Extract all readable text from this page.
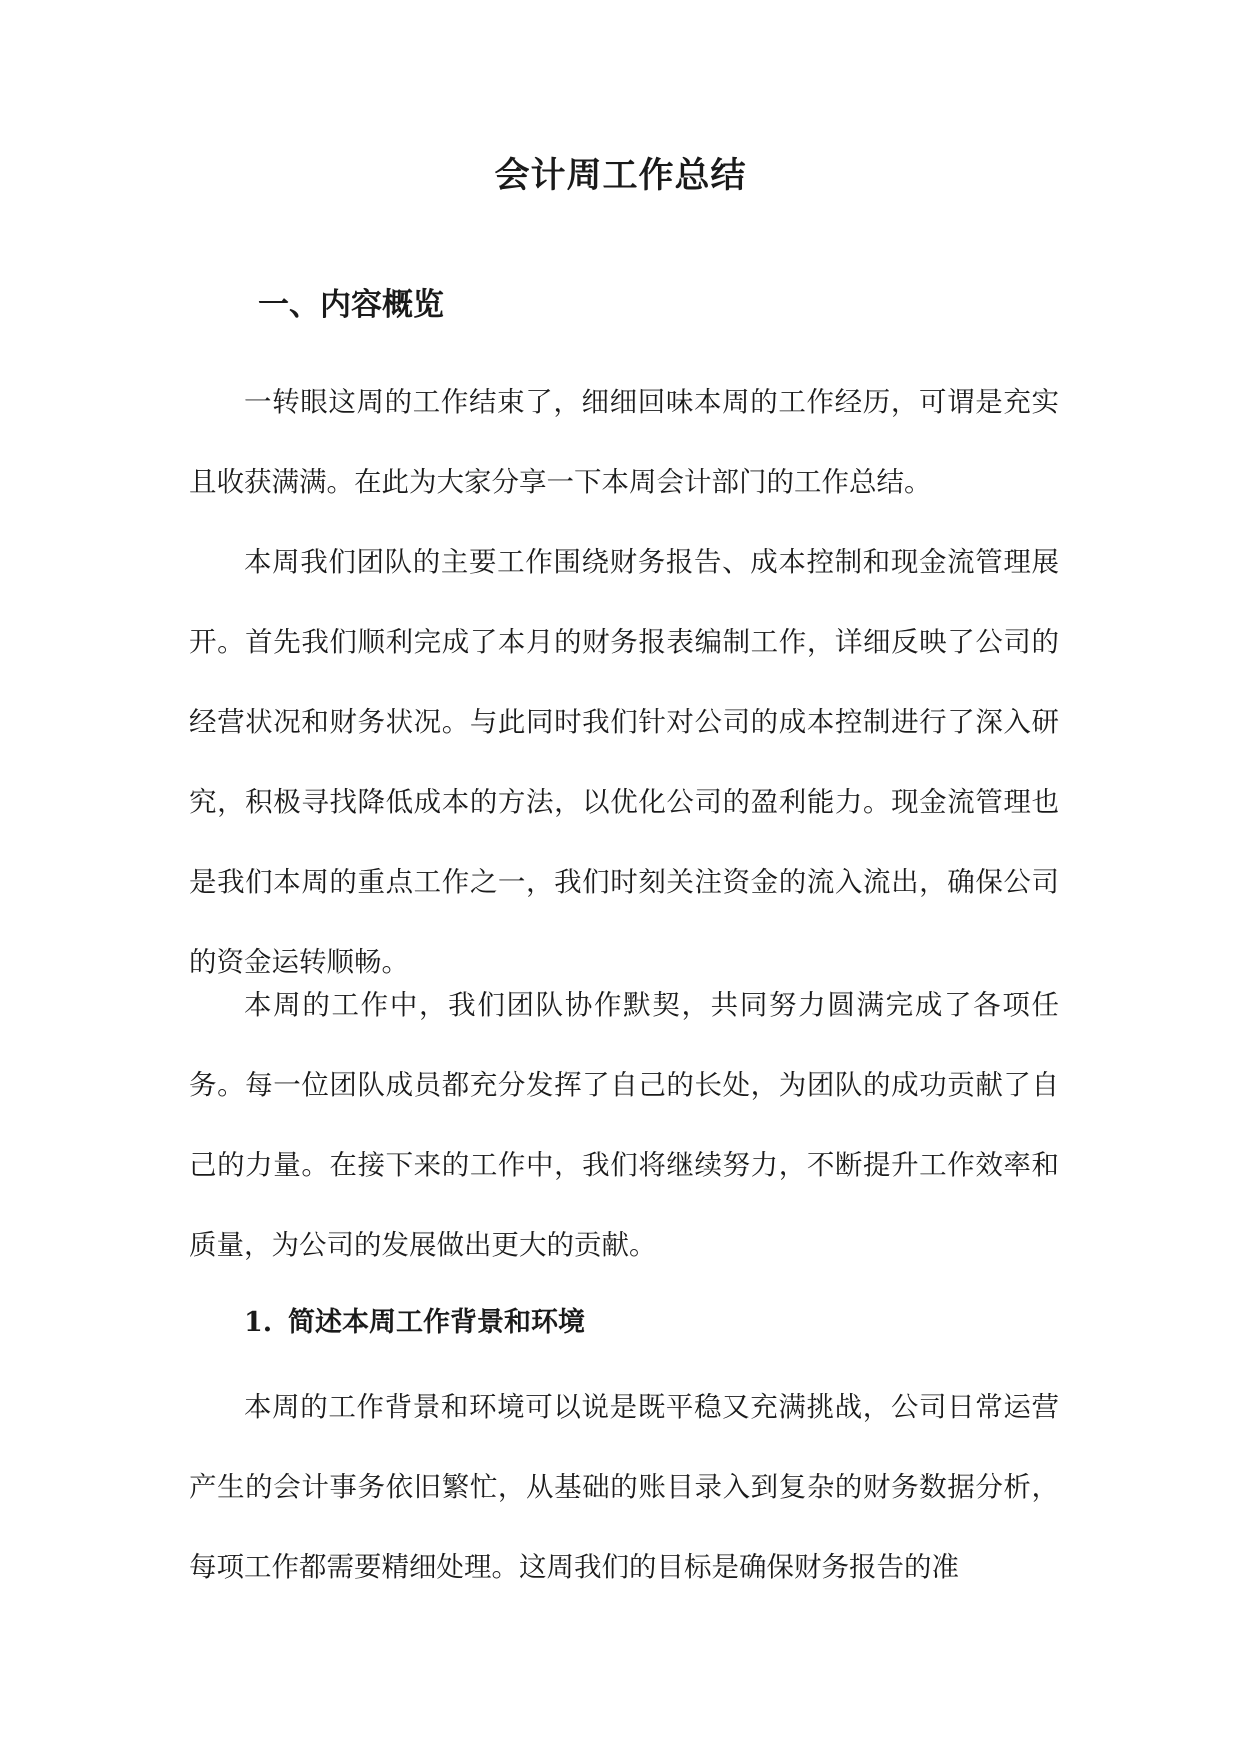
会计周工作总结
一、内容概览

一转眼这周的工作结束了，细细回味本周的工作经历，可谓是充实且收获满满。在此为大家分享一下本周会计部门的工作总结。

本周我们团队的主要工作围绕财务报告、成本控制和现金流管理展开。首先我们顺利完成了本月的财务报表编制工作，详细反映了公司的经营状况和财务状况。与此同时我们针对公司的成本控制进行了深入研究，积极寻找降低成本的方法，以优化公司的盈利能力。现金流管理也是我们本周的重点工作之一，我们时刻关注资金的流入流出，确保公司的资金运转顺畅。

本周的工作中，我们团队协作默契，共同努力圆满完成了各项任务。每一位团队成员都充分发挥了自己的长处，为团队的成功贡献了自己的力量。在接下来的工作中，我们将继续努力，不断提升工作效率和质量，为公司的发展做出更大的贡献。

1. 简述本周工作背景和环境

本周的工作背景和环境可以说是既平稳又充满挑战，公司日常运营产生的会计事务依旧繁忙，从基础的账目录入到复杂的财务数据分析，每项工作都需要精细处理。这周我们的目标是确保财务报告的准
